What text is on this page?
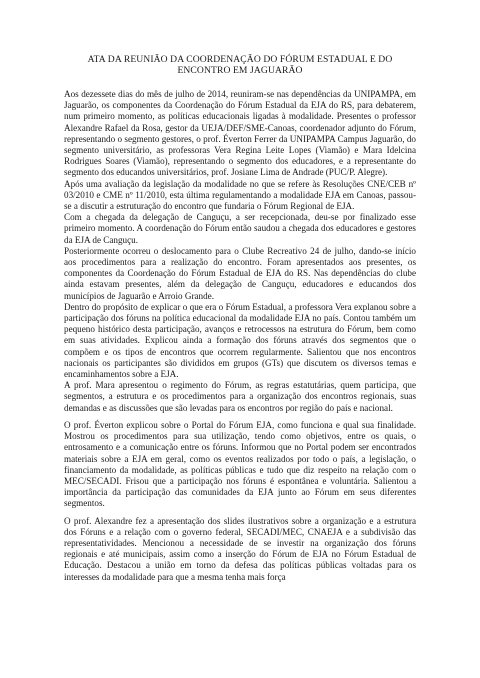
ATA DA REUNIÃO DA COORDENAÇÃO DO FÓRUM ESTADUAL E DO
ENCONTRO EM JAGUARÃO

Aos dezessete dias do mês de julho de 2014, reuniram-se nas dependências da UNIPAMPA, em Jaguarão, os componentes da Coordenação do Fórum Estadual da EJA do RS, para debaterem, num primeiro momento, as políticas educacionais ligadas à modalidade. Presentes o professor Alexandre Rafael da Rosa, gestor da UEJA/DEF/SME-Canoas, coordenador adjunto do Fórum, representando o segmento gestores, o prof. Éverton Ferrer da UNIPAMPA Campus Jaguarão, do segmento universitário, as professoras Vera Regina Leite Lopes (Viamão) e Mara Idelcina Rodrigues Soares (Viamão), representando o segmento dos educadores, e a representante do segmento dos educandos universitários, prof. Josiane Lima de Andrade (PUC/P. Alegre).

Após uma avaliação da legislação da modalidade no que se refere às Resoluções CNE/CEB nº 03/2010 e CME nº 11/2010, esta última regulamentando a modalidade EJA em Canoas, passou-se a discutir a estruturação do encontro que fundaria o Fórum Regional de EJA.

Com a chegada da delegação de Canguçu, a ser recepcionada, deu-se por finalizado esse primeiro momento. A coordenação do Fórum então saudou a chegada dos educadores e gestores da EJA de Canguçu.

Posteriormente ocorreu o deslocamento para o Clube Recreativo 24 de julho, dando-se início aos procedimentos para a realização do encontro. Foram apresentados aos presentes, os componentes da Coordenação do Fórum Estadual de EJA do RS. Nas dependências do clube ainda estavam presentes, além da delegação de Canguçu, educadores e educandos dos municípios de Jaguarão e Arroio Grande.

Dentro do propósito de explicar o que era o Fórum Estadual, a professora Vera explanou sobre a participação dos fóruns na política educacional da modalidade EJA no país. Contou também um pequeno histórico desta participação, avanços e retrocessos na estrutura do Fórum, bem como em suas atividades. Explicou ainda a formação dos fóruns através dos segmentos que o compõem e os tipos de encontros que ocorrem regularmente. Salientou que nos encontros nacionais os participantes são divididos em grupos (GTs) que discutem os diversos temas e encaminhamentos sobre a EJA.

A prof. Mara apresentou o regimento do Fórum, as regras estatutárias, quem participa, que segmentos, a estrutura e os procedimentos para a organização dos encontros regionais, suas demandas e as discussões que são levadas para os encontros por região do país e nacional.

O prof. Éverton explicou sobre o Portal do Fórum EJA, como funciona e qual sua finalidade. Mostrou os procedimentos para sua utilização, tendo como objetivos, entre os quais, o entrosamento e a comunicação entre os fóruns. Informou que no Portal podem ser encontrados materiais sobre a EJA em geral, como os eventos realizados por todo o país, a legislação, o financiamento da modalidade, as políticas públicas e tudo que diz respeito na relação com o MEC/SECADI. Frisou que a participação nos fóruns é espontânea e voluntária. Salientou a importância da participação das comunidades da EJA junto ao Fórum em seus diferentes segmentos.

O prof. Alexandre fez a apresentação dos slides ilustrativos sobre a organização e a estrutura dos Fóruns e a relação com o governo federal, SECADI/MEC, CNAEJA e a subdivisão das representatividades. Mencionou a necessidade de se investir na organização dos fóruns regionais e até municipais, assim como a inserção do Fórum de EJA no Fórum Estadual de Educação. Destacou a união em torno da defesa das políticas públicas voltadas para os interesses da modalidade para que a mesma tenha mais força
